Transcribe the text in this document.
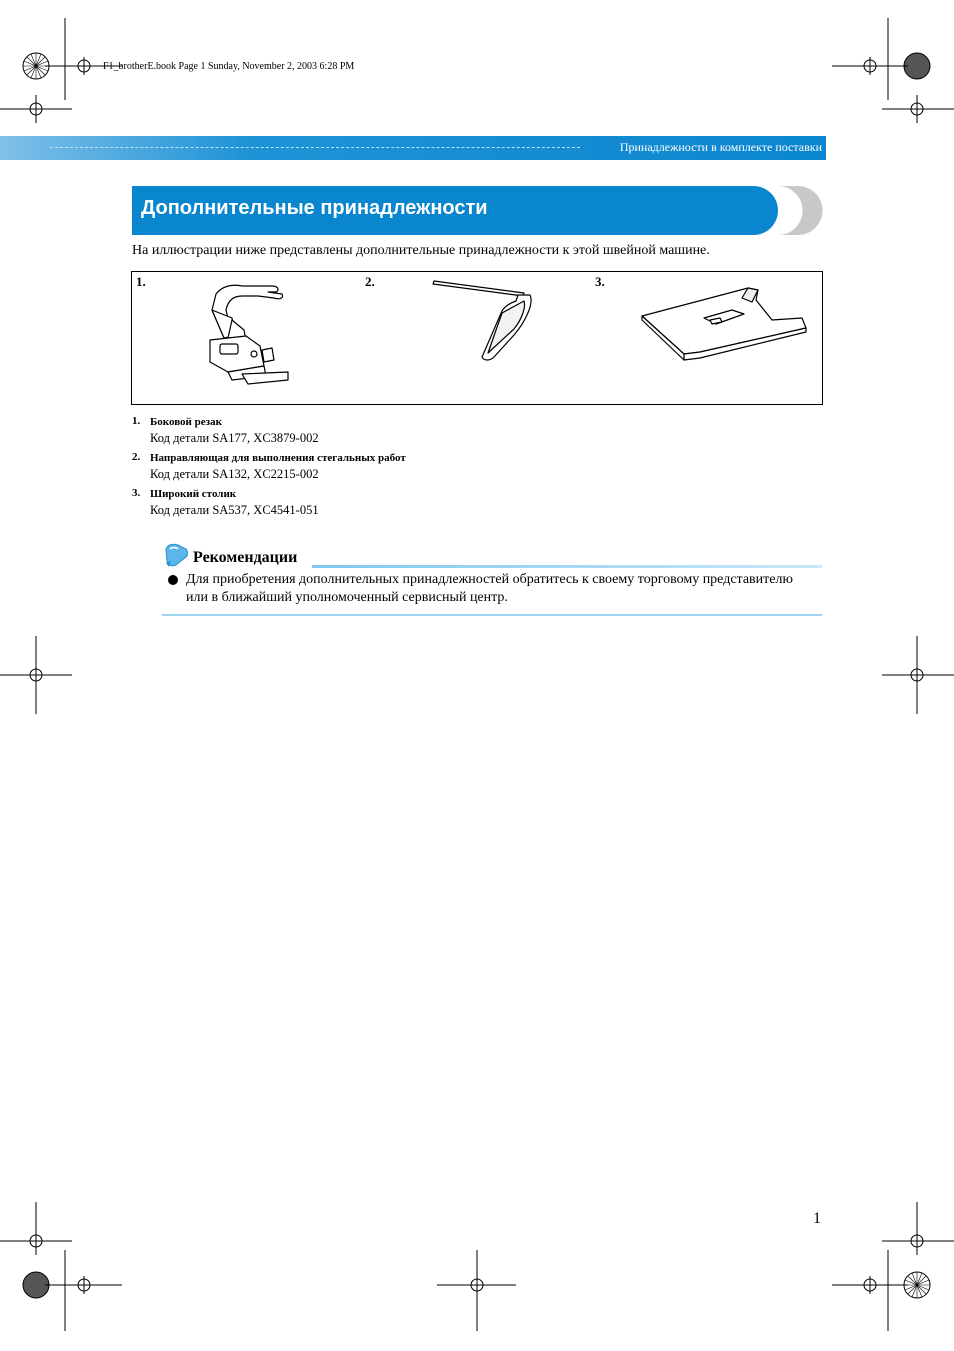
F1_brotherE.book Page 1 Sunday, November 2, 2003 6:28 PM
Принадлежности в комплекте поставки
Дополнительные принадлежности
На иллюстрации ниже представлены дополнительные принадлежности к этой швейной машине.
1.	2.	3.
1. Боковой резак
Код детали SA177, XC3879-002
2. Направляющая для выполнения стегальных работ
Код детали SA132, XC2215-002
3. Широкий столик
Код детали SA537, XC4541-051
Рекомендации
Для приобретения дополнительных принадлежностей обратитесь к своему торговому представителю или в ближайший уполномоченный сервисный центр.
1
